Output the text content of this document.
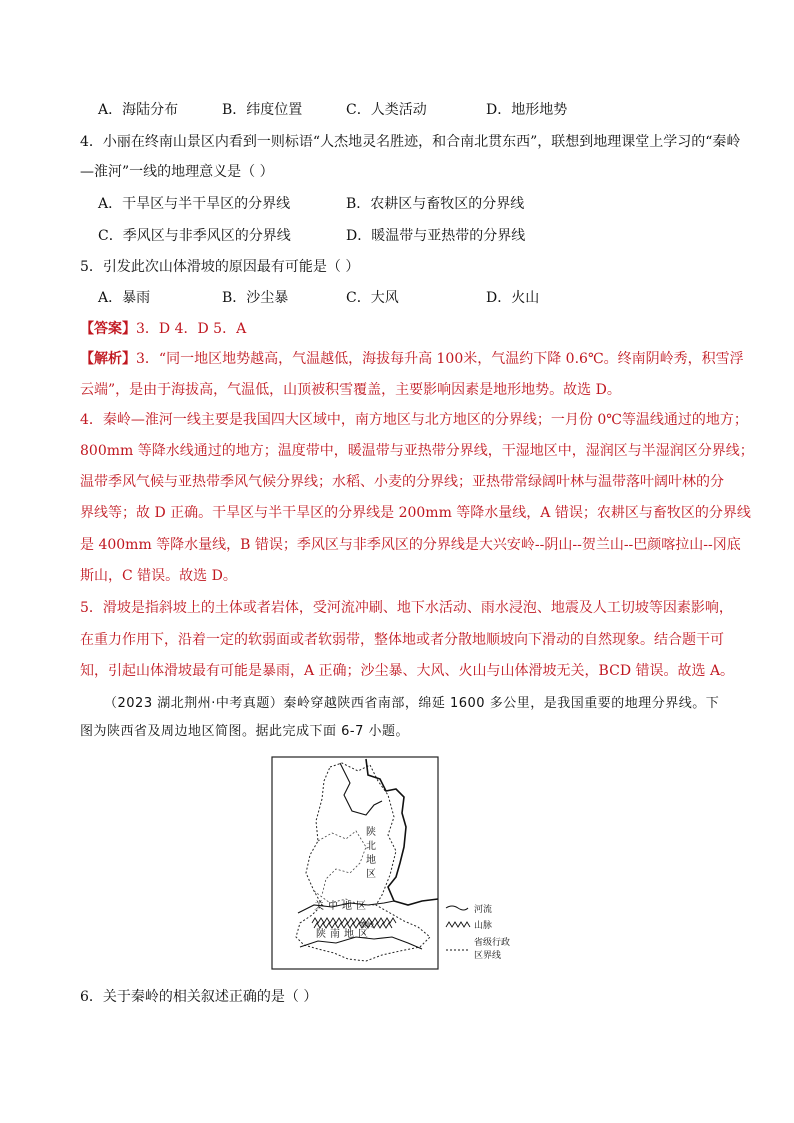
A．海陆分布	B．纬度位置	C．人类活动	D．地形地势
4．小丽在终南山景区内看到一则标语“人杰地灵名胜迹，和合南北贯东西”，联想到地理课堂上学习的“秦岭
—淮河”一线的地理意义是（ ）
A．干旱区与半干旱区的分界线	B．农耕区与畜牧区的分界线
C．季风区与非季风区的分界线	D．暖温带与亚热带的分界线
5．引发此次山体滑坡的原因最有可能是（ ）
A．暴雨	B．沙尘暴	C．大风	D．火山
【答案】3．D 4．D 5．A
【解析】3．“同一地区地势越高，气温越低，海拔每升高 100米，气温约下降 0.6℃。终南阴岭秀，积雪浮
云端”，是由于海拔高，气温低，山顶被积雪覆盖，主要影响因素是地形地势。故选 D。
4．秦岭—淮河一线主要是我国四大区域中，南方地区与北方地区的分界线；一月份 0℃等温线通过的地方；
800mm 等降水线通过的地方；温度带中，暖温带与亚热带分界线，干湿地区中，湿润区与半湿润区分界线；
温带季风气候与亚热带季风气候分界线；水稻、小麦的分界线；亚热带常绿阔叶林与温带落叶阔叶林的分
界线等；故 D 正确。干旱区与半干旱区的分界线是 200mm 等降水量线，A 错误；农耕区与畜牧区的分界线
是 400mm 等降水量线，B 错误；季风区与非季风区的分界线是大兴安岭--阴山--贺兰山--巴颜喀拉山--冈底
斯山，C 错误。故选 D。
5．滑坡是指斜坡上的土体或者岩体，受河流冲刷、地下水活动、雨水浸泡、地震及人工切坡等因素影响，
在重力作用下，沿着一定的软弱面或者软弱带，整体地或者分散地顺坡向下滑动的自然现象。结合题干可
知，引起山体滑坡最有可能是暴雨，A 正确；沙尘暴、大风、火山与山体滑坡无关，BCD 错误。故选 A。
（2023 湖北荆州·中考真题）秦岭穿越陕西省南部，绵延 1600 多公里，是我国重要的地理分界线。下
图为陕西省及周边地区简图。据此完成下面 6-7 小题。
陕北地区
关 中 地 区
陕 南 地 区
秦岭
河流
山脉
省级行政
区界线
6．关于秦岭的相关叙述正确的是（ ）
